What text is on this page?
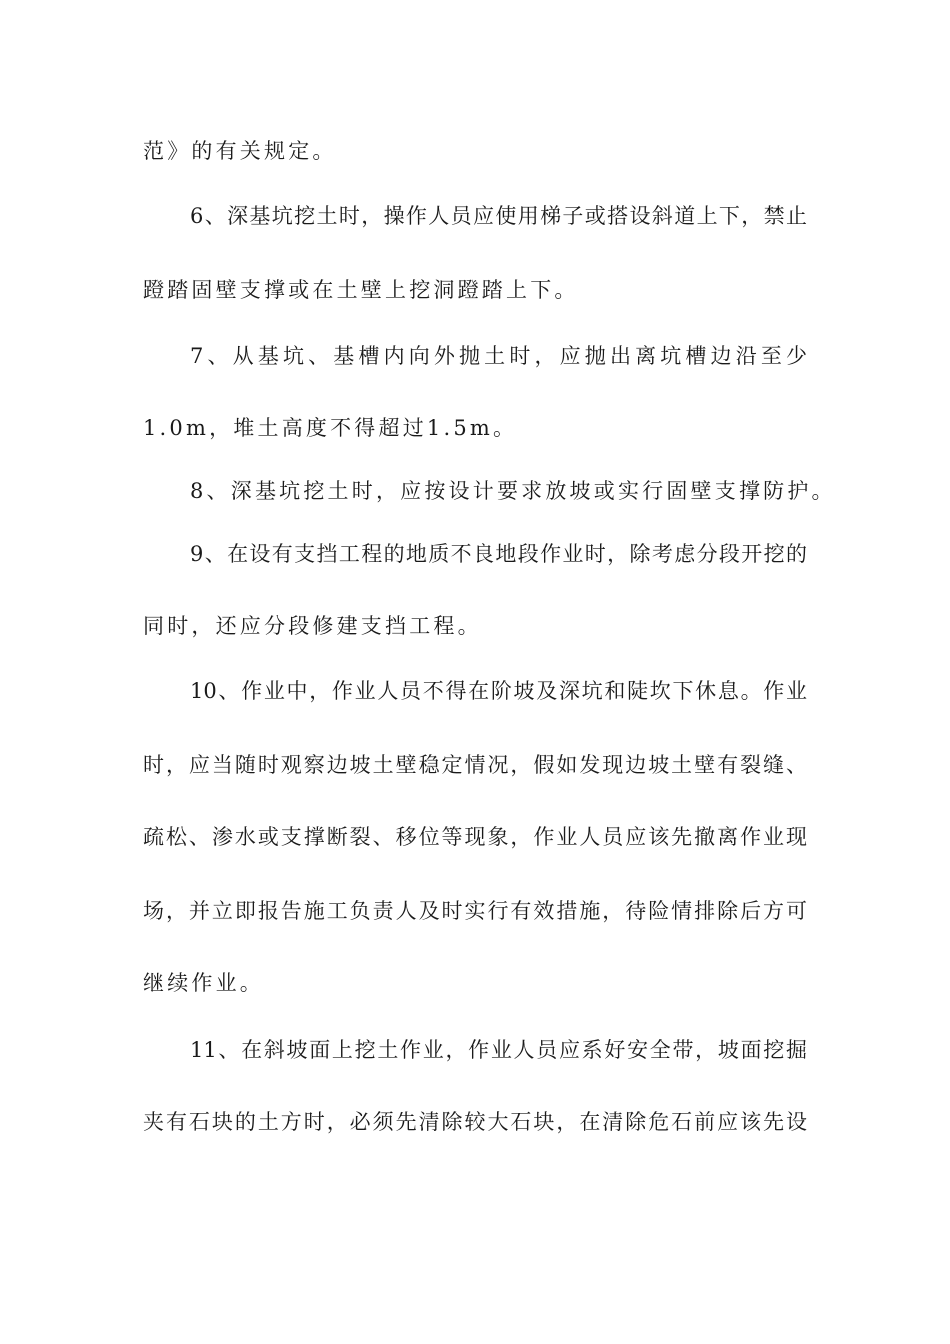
范》的有关规定。
6、深基坑挖土时，操作人员应使用梯子或搭设斜道上下，禁止
蹬踏固壁支撑或在土壁上挖洞蹬踏上下。
7、从基坑、基槽内向外抛土时，应抛出离坑槽边沿至少
1.0m，堆土高度不得超过1.5m。
8、深基坑挖土时，应按设计要求放坡或实行固壁支撑防护。
9、在设有支挡工程的地质不良地段作业时，除考虑分段开挖的
同时，还应分段修建支挡工程。
10、作业中，作业人员不得在阶坡及深坑和陡坎下休息。作业
时，应当随时观察边坡土壁稳定情况，假如发现边坡土壁有裂缝、
疏松、渗水或支撑断裂、移位等现象，作业人员应该先撤离作业现
场，并立即报告施工负责人及时实行有效措施，待险情排除后方可
继续作业。
11、在斜坡面上挖土作业，作业人员应系好安全带，坡面挖掘
夹有石块的土方时，必须先清除较大石块，在清除危石前应该先设
